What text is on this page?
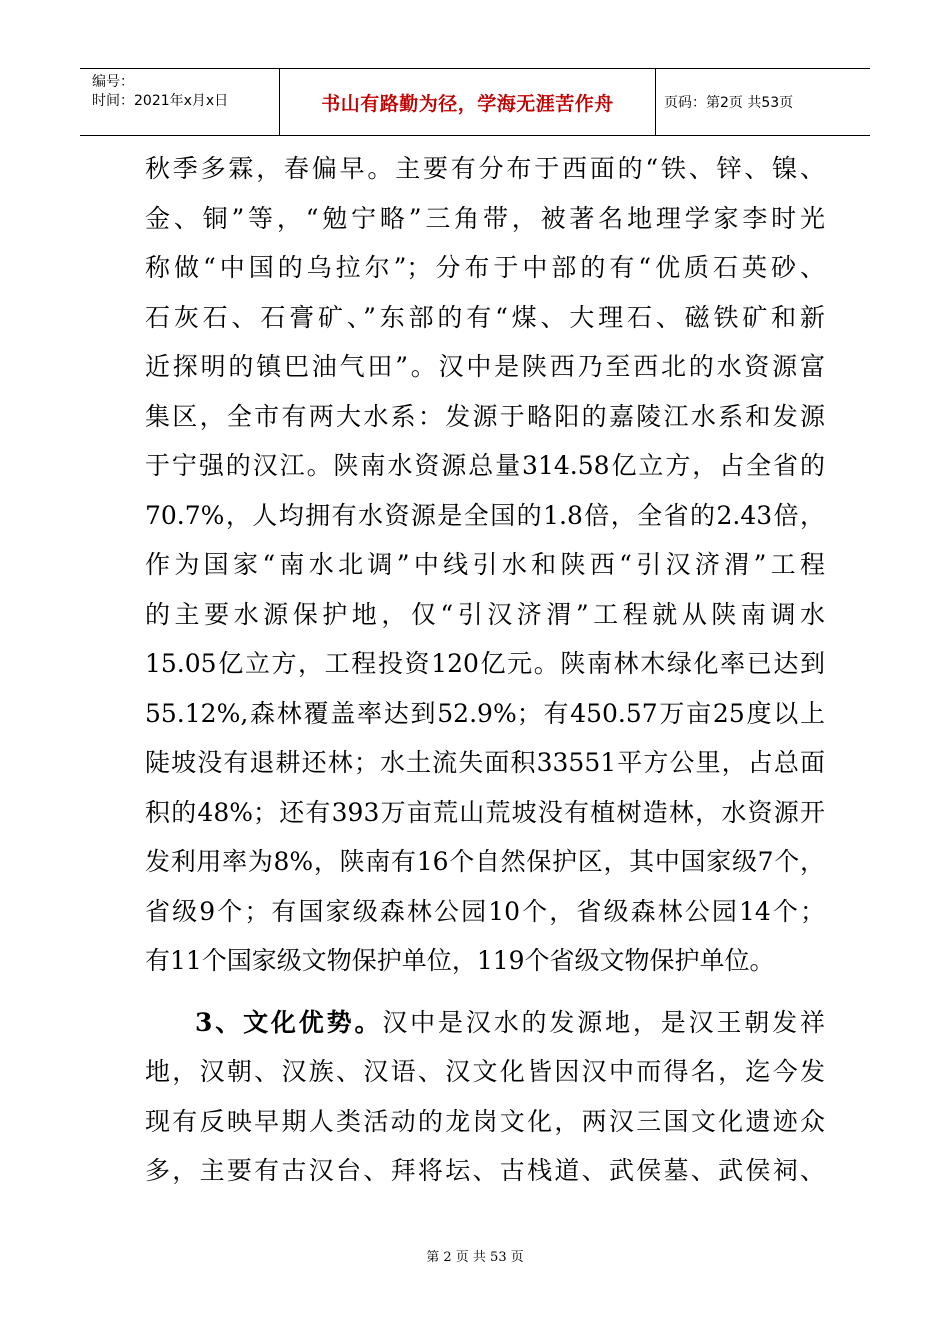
编号：
时间：2021年x月x日	书山有路勤为径，学海无涯苦作舟	页码：第2页 共53页

秋季多霖，春偏早。主要有分布于西面的“铁、锌、镍、
金、铜”等，“勉宁略”三角带，被著名地理学家李时光
称做“中国的乌拉尔”；分布于中部的有“优质石英砂、
石灰石、石膏矿、”东部的有“煤、大理石、磁铁矿和新
近探明的镇巴油气田”。汉中是陕西乃至西北的水资源富
集区，全市有两大水系：发源于略阳的嘉陵江水系和发源
于宁强的汉江。陕南水资源总量314.58亿立方，占全省的
70.7%，人均拥有水资源是全国的1.8倍，全省的2.43倍，
作为国家“南水北调”中线引水和陕西“引汉济渭”工程
的主要水源保护地，仅“引汉济渭”工程就从陕南调水
15.05亿立方，工程投资120亿元。陕南林木绿化率已达到
55.12%,森林覆盖率达到52.9%；有450.57万亩25度以上
陡坡没有退耕还林；水土流失面积33551平方公里，占总面
积的48%；还有393万亩荒山荒坡没有植树造林，水资源开
发利用率为8%，陕南有16个自然保护区，其中国家级7个，
省级9个；有国家级森林公园10个，省级森林公园14个；
有11个国家级文物保护单位，119个省级文物保护单位。

3、文化优势。汉中是汉水的发源地，是汉王朝发祥
地，汉朝、汉族、汉语、汉文化皆因汉中而得名，迄今发
现有反映早期人类活动的龙岗文化，两汉三国文化遗迹众
多，主要有古汉台、拜将坛、古栈道、武侯墓、武侯祠、

第 2 页 共 53 页
